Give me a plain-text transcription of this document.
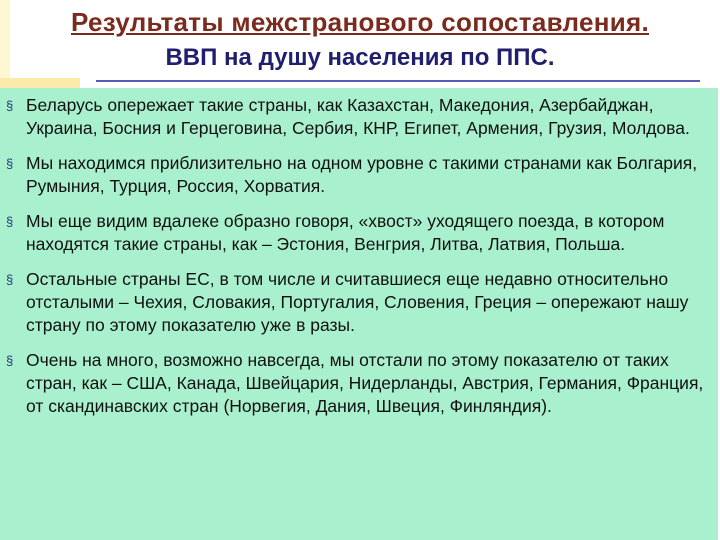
Результаты межстранового сопоставления.
ВВП на душу населения по ППС.
§ Беларусь опережает такие страны, как Казахстан, Македония, Азербайджан, Украина, Босния и Герцеговина, Сербия, КНР, Египет, Армения, Грузия, Молдова.
§ Мы находимся приблизительно на одном уровне с такими странами как Болгария, Румыния, Турция, Россия, Хорватия.
§ Мы еще видим вдалеке образно говоря, «хвост» уходящего поезда, в котором находятся такие страны, как – Эстония, Венгрия, Литва, Латвия, Польша.
§ Остальные страны ЕС, в том числе и считавшиеся еще недавно относительно отсталыми – Чехия, Словакия, Португалия, Словения, Греция – опережают нашу страну по этому показателю уже в разы.
§ Очень на много, возможно навсегда, мы отстали по этому показателю от таких стран, как – США, Канада, Швейцария, Нидерланды, Австрия, Германия, Франция, от скандинавских стран (Норвегия, Дания, Швеция, Финляндия).
